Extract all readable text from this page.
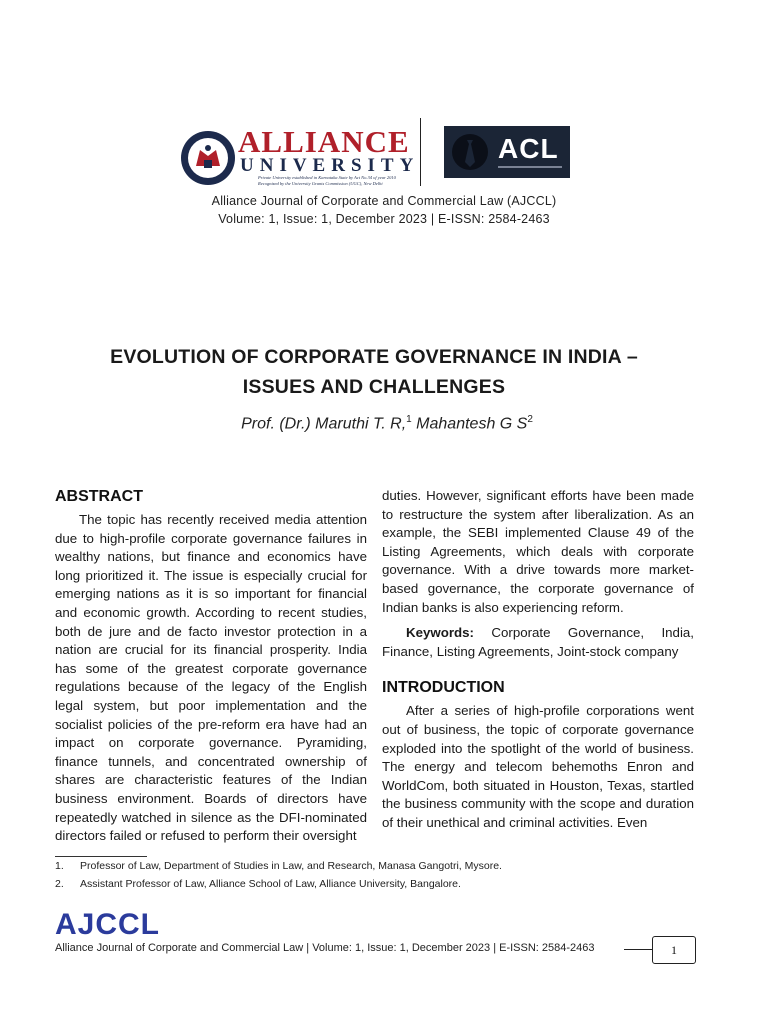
ALLIANCE
UNIVERSITY
Private University established in Karnataka State by Act No.34 of year 2010
Recognized by the University Grants Commission (UGC), New Delhi
ACL
Alliance Journal of Corporate and Commercial Law (AJCCL)
Volume: 1, Issue: 1, December 2023 | E-ISSN: 2584-2463
EVOLUTION OF CORPORATE GOVERNANCE IN INDIA –
ISSUES AND CHALLENGES
Prof. (Dr.) Maruthi T. R,$^1$ Mahantesh G $S^2$
ABSTRACT

The topic has recently received media attention due to high-profile corporate governance failures in wealthy nations, but finance and economics have long prioritized it. The issue is especially crucial for emerging nations as it is so important for financial and economic growth. According to recent studies, both de jure and de facto investor protection in a nation are crucial for its financial prosperity. India has some of the greatest corporate governance regulations because of the legacy of the English legal system, but poor implementation and the socialist policies of the pre-reform era have had an impact on corporate governance. Pyramiding, finance tunnels, and concentrated ownership of shares are characteristic features of the Indian business environment. Boards of directors have repeatedly watched in silence as the DFI-nominated directors failed or refused to perform their oversight

duties. However, significant efforts have been made to restructure the system after liberalization. As an example, the SEBI implemented Clause 49 of the Listing Agreements, which deals with corporate governance. With a drive towards more market-based governance, the corporate governance of Indian banks is also experiencing reform.

Keywords: Corporate Governance, India, Finance, Listing Agreements, Joint-stock company

INTRODUCTION

After a series of high-profile corporations went out of business, the topic of corporate governance exploded into the spotlight of the world of business. The energy and telecom behemoths Enron and WorldCom, both situated in Houston, Texas, startled the business community with the scope and duration of their unethical and criminal activities. Even

1. Professor of Law, Department of Studies in Law, and Research, Manasa Gangotri, Mysore.
2. Assistant Professor of Law, Alliance School of Law, Alliance University, Bangalore.
AJCCL
Alliance Journal of Corporate and Commercial Law | Volume: 1, Issue: 1, December 2023 | E-ISSN: 2584-2463	1
